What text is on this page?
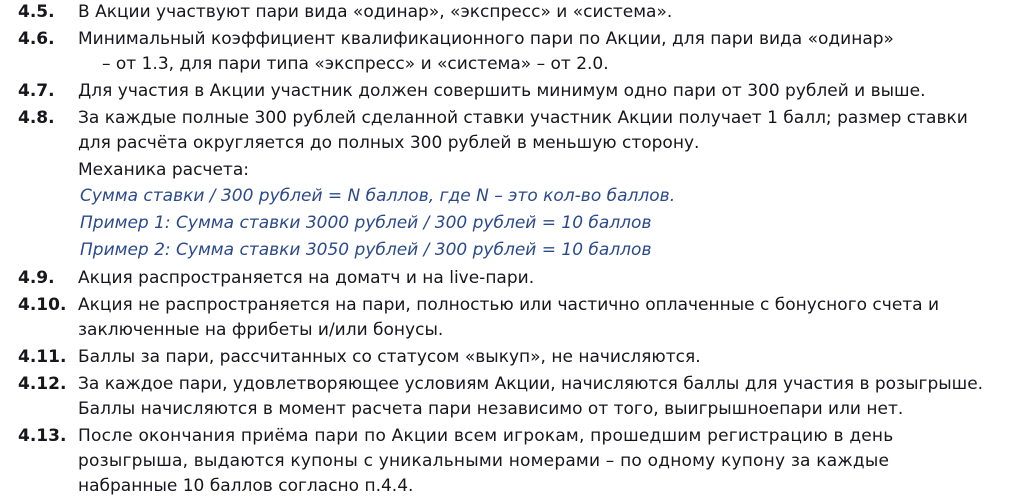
4.5.	В Акции участвуют пари вида «одинар», «экспресс» и «система».
4.6.	Минимальный коэффициент квалификационного пари по Акции, для пари вида «одинар»
– от 1.3, для пари типа «экспресс» и «система» – от 2.0.
4.7.	Для участия в Акции участник должен совершить минимум одно пари от 300 рублей и выше.
4.8.	За каждые полные 300 рублей сделанной ставки участник Акции получает 1 балл; размер ставки
для расчёта округляется до полных 300 рублей в меньшую сторону.
Механика расчета:
Сумма ставки / 300 рублей = N баллов, где N – это кол-во баллов.
Пример 1: Сумма ставки 3000 рублей / 300 рублей = 10 баллов
Пример 2: Сумма ставки 3050 рублей / 300 рублей = 10 баллов
4.9.	Акция распространяется на доматч и на live-пари.
4.10. Акция не распространяется на пари, полностью или частично оплаченные с бонусного счета и
заключенные на фрибеты и/или бонусы.
4.11. Баллы за пари, рассчитанных со статусом «выкуп», не начисляются.
4.12. За каждое пари, удовлетворяющее условиям Акции, начисляются баллы для участия в розыгрыше.
Баллы начисляются в момент расчета пари независимо от того, выигрышноепари или нет.
4.13. После окончания приёма пари по Акции всем игрокам, прошедшим регистрацию в день
розыгрыша, выдаются купоны с уникальными номерами – по одному купону за каждые
набранные 10 баллов согласно п.4.4.
